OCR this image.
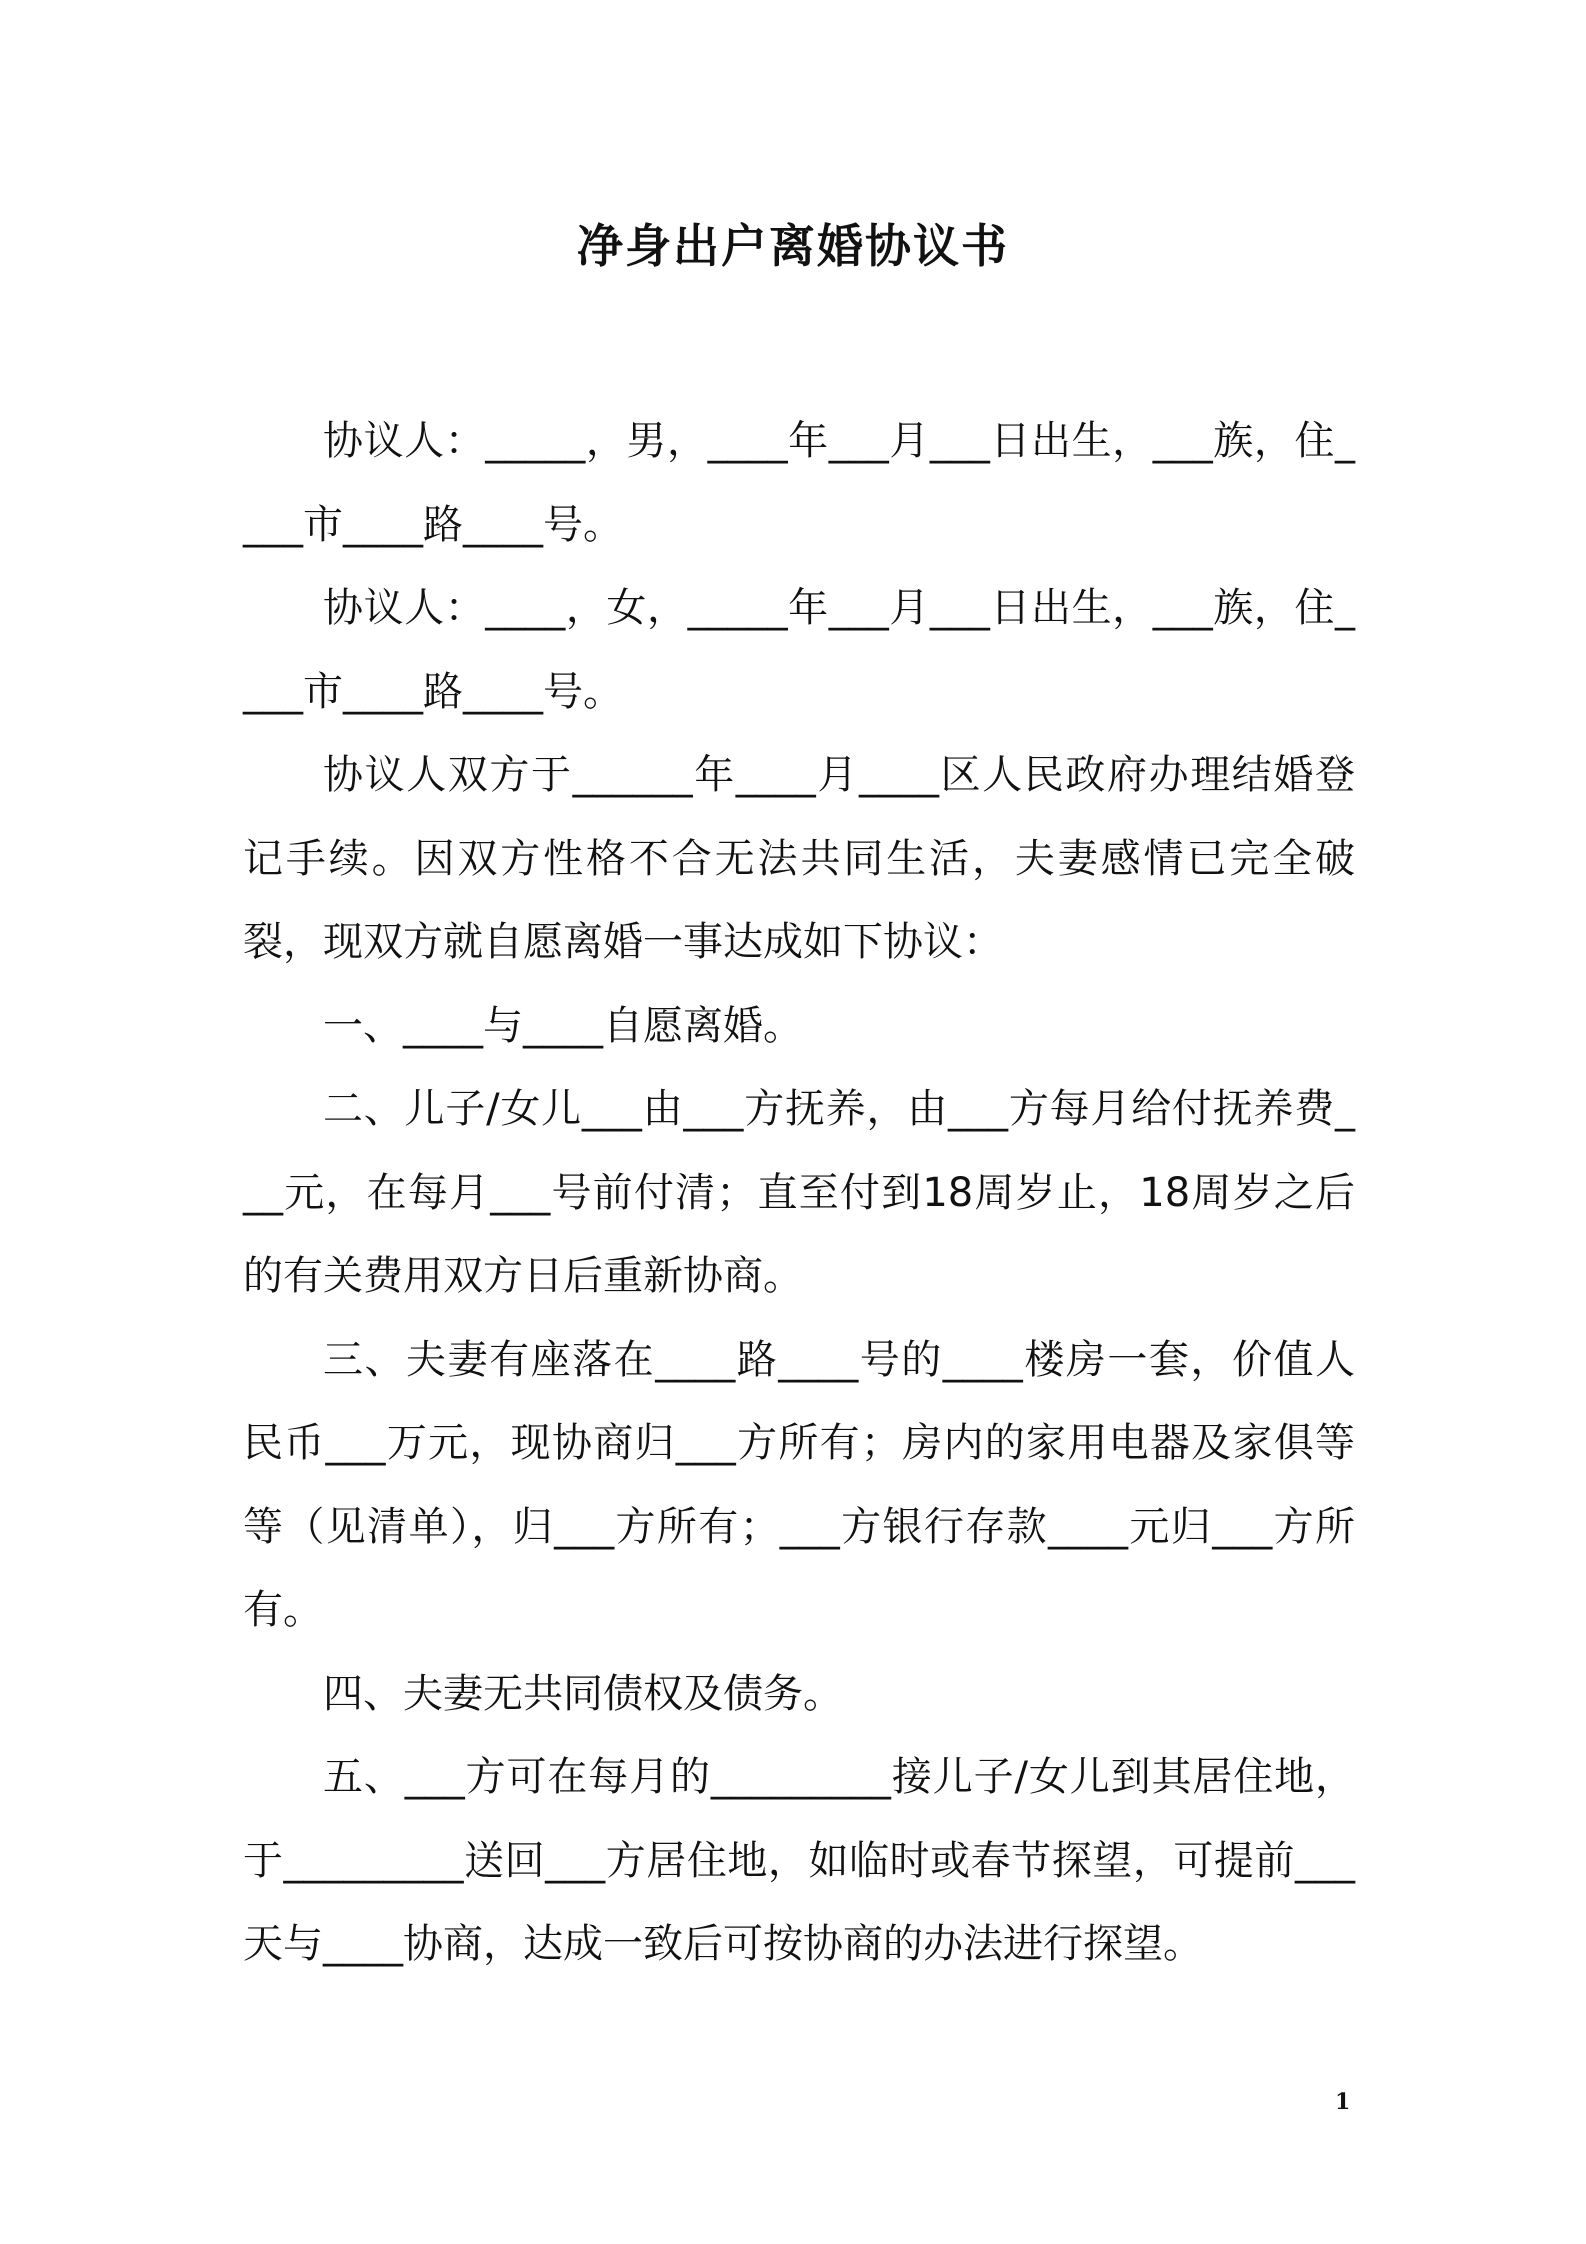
净身出户离婚协议书

协议人：_____，男，____年___月___日出生，___族，住____市____路____号。

协议人：____，女，_____年___月___日出生，___族，住____市____路____号。

协议人双方于______年____月____区人民政府办理结婚登记手续。因双方性格不合无法共同生活，夫妻感情已完全破裂，现双方就自愿离婚一事达成如下协议：

一、____与____自愿离婚。

二、儿子/女儿___由___方抚养，由___方每月给付抚养费___元，在每月___号前付清；直至付到18周岁止，18周岁之后的有关费用双方日后重新协商。

三、夫妻有座落在____路____号的____楼房一套，价值人民币___万元，现协商归___方所有；房内的家用电器及家俱等等（见清单），归___方所有；___方银行存款____元归___方所有。

四、夫妻无共同债权及债务。

五、___方可在每月的_________接儿子/女儿到其居住地，于_________送回___方居住地，如临时或春节探望，可提前___天与____协商，达成一致后可按协商的办法进行探望。

1
